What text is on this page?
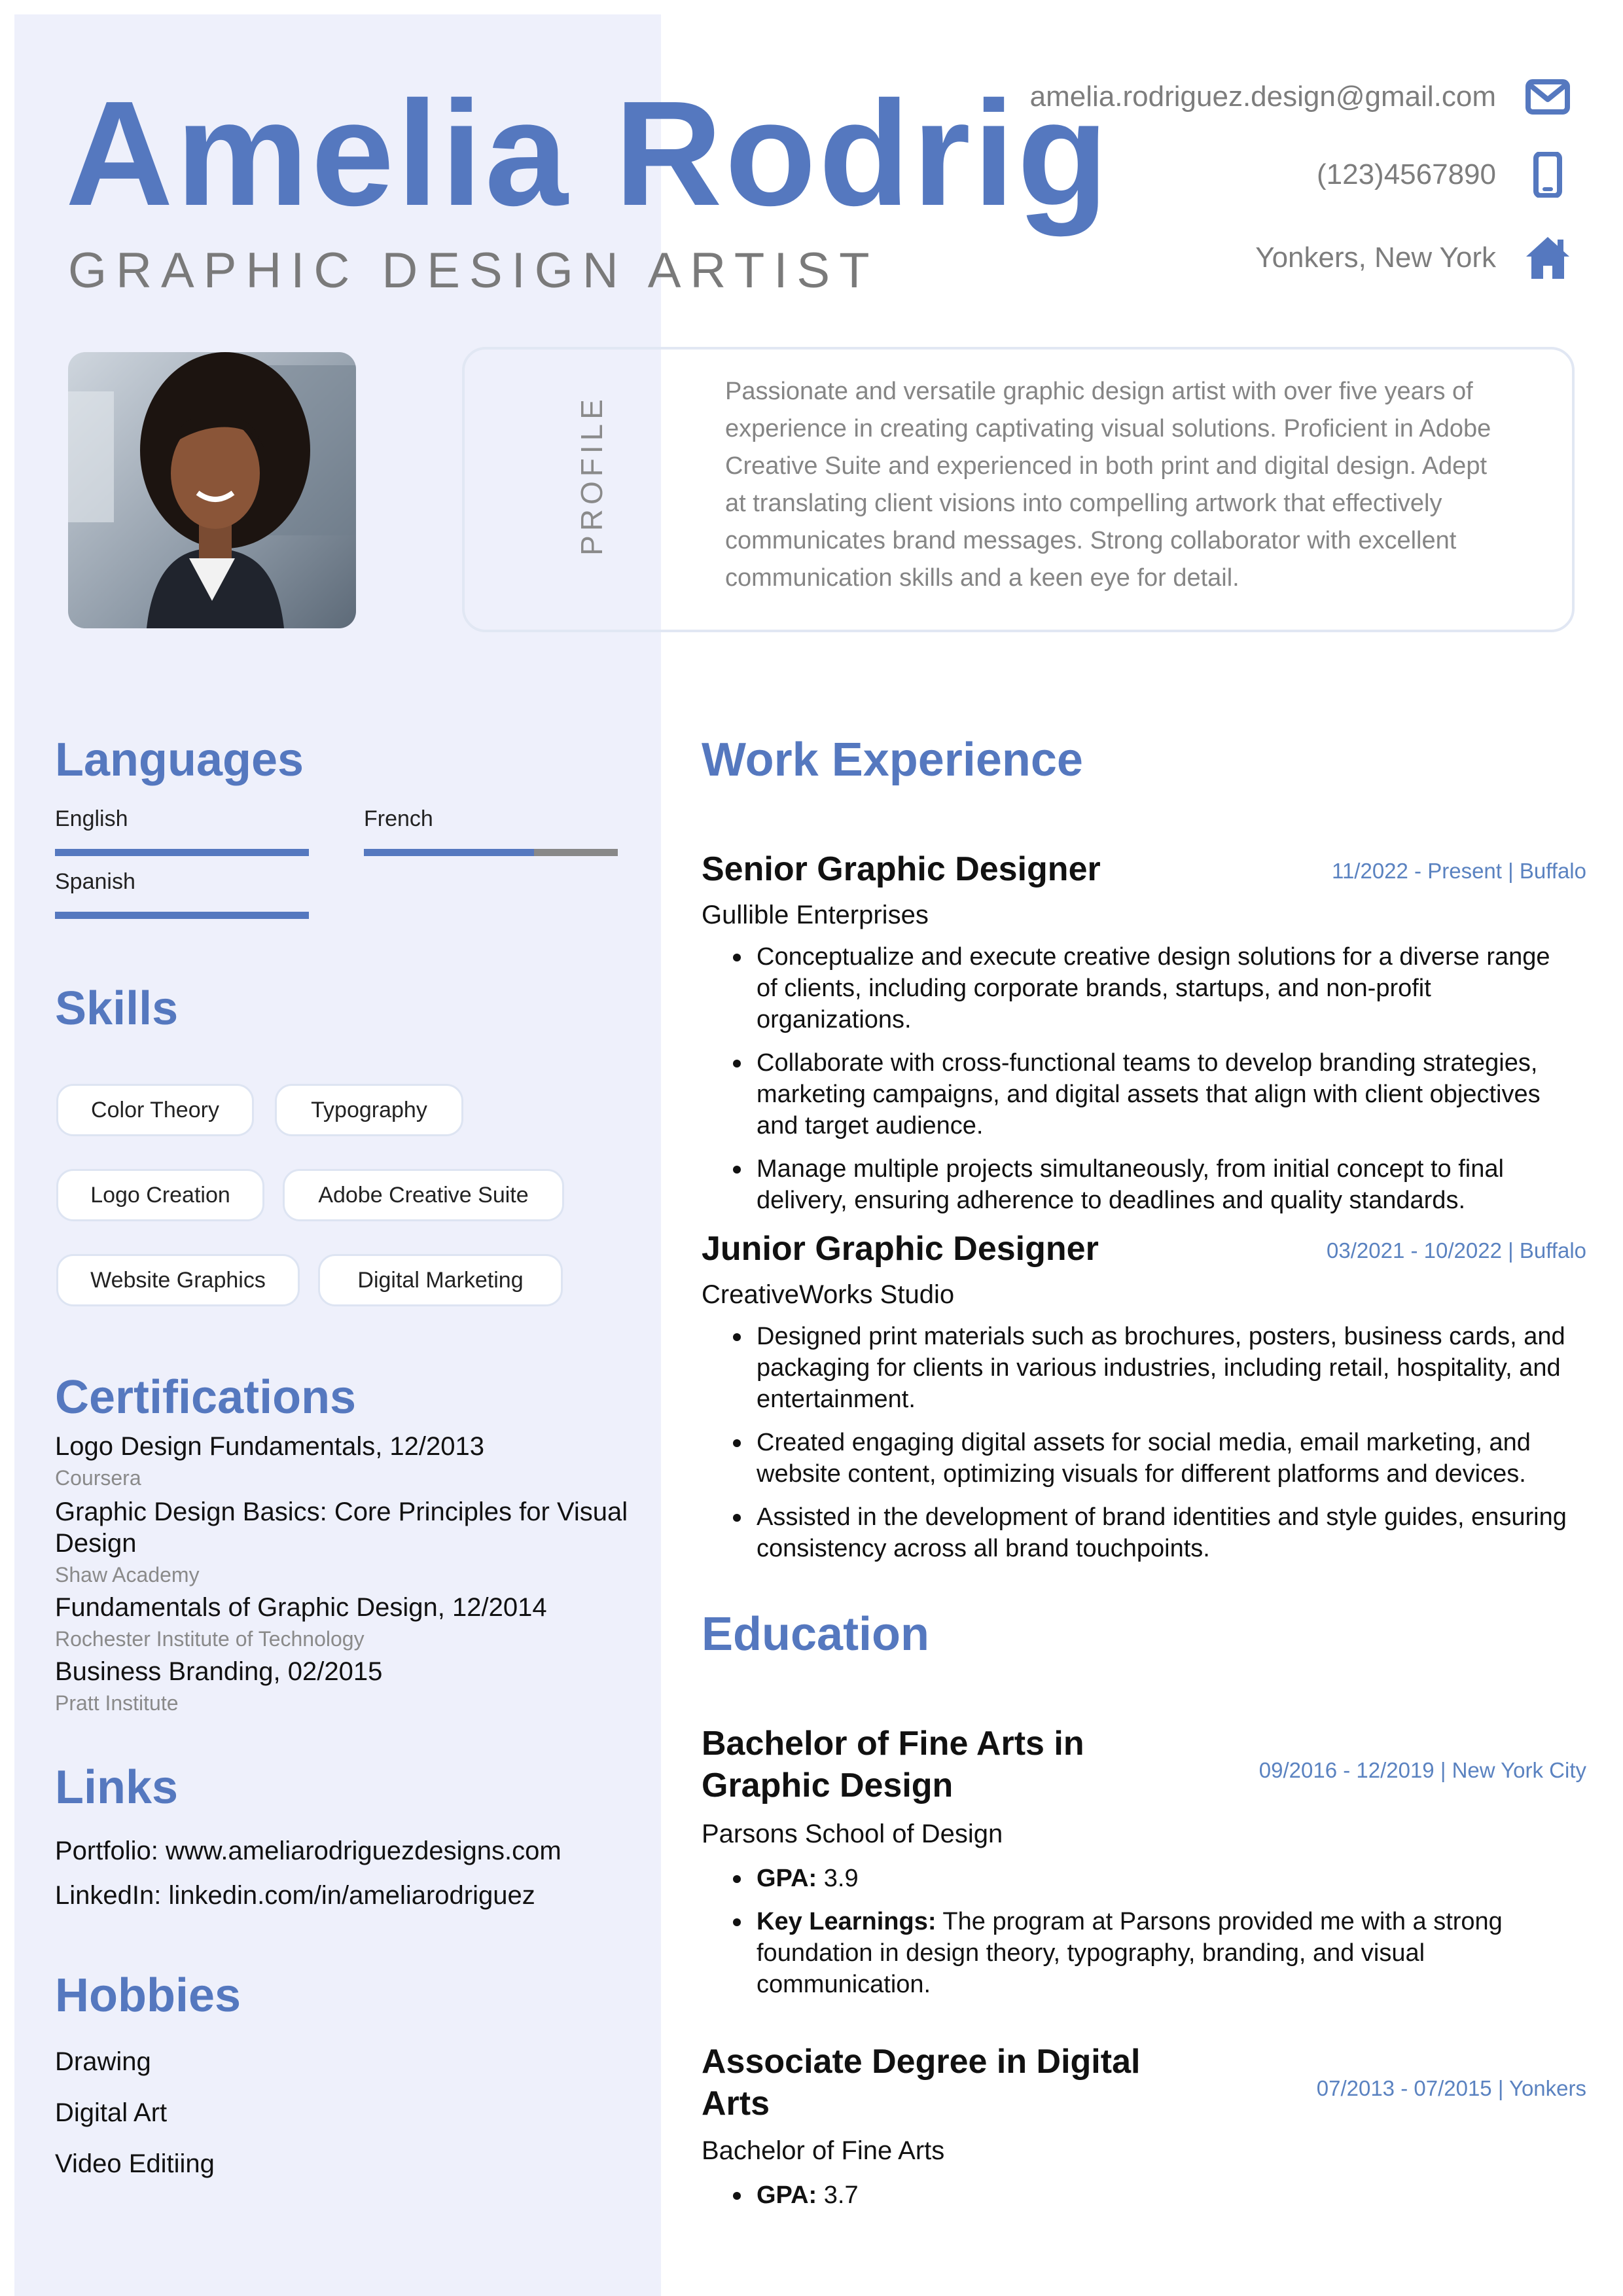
Amelia Rodrig
GRAPHIC DESIGN ARTIST
amelia.rodriguez.design@gmail.com
(123)4567890
Yonkers, New York
PROFILE
Passionate and versatile graphic design artist with over five years of experience in creating captivating visual solutions. Proficient in Adobe Creative Suite and experienced in both print and digital design. Adept at translating client visions into compelling artwork that effectively communicates brand messages. Strong collaborator with excellent communication skills and a keen eye for detail.
Languages
English	French
Spanish
Skills
Color Theory	Typography
Logo Creation	Adobe Creative Suite
Website Graphics	Digital Marketing
Certifications
Logo Design Fundamentals, 12/2013
Coursera
Graphic Design Basics: Core Principles for Visual Design
Shaw Academy
Fundamentals of Graphic Design, 12/2014
Rochester Institute of Technology
Business Branding, 02/2015
Pratt Institute
Links
Portfolio: www.ameliarodriguezdesigns.com
LinkedIn: linkedin.com/in/ameliarodriguez
Hobbies
Drawing
Digital Art
Video Editiing
Work Experience
Senior Graphic Designer	11/2022 - Present | Buffalo
Gullible Enterprises
Conceptualize and execute creative design solutions for a diverse range of clients, including corporate brands, startups, and non-profit organizations.
Collaborate with cross-functional teams to develop branding strategies, marketing campaigns, and digital assets that align with client objectives and target audience.
Manage multiple projects simultaneously, from initial concept to final delivery, ensuring adherence to deadlines and quality standards.
Junior Graphic Designer	03/2021 - 10/2022 | Buffalo
CreativeWorks Studio
Designed print materials such as brochures, posters, business cards, and packaging for clients in various industries, including retail, hospitality, and entertainment.
Created engaging digital assets for social media, email marketing, and website content, optimizing visuals for different platforms and devices.
Assisted in the development of brand identities and style guides, ensuring consistency across all brand touchpoints.
Education
Bachelor of Fine Arts in
Graphic Design	09/2016 - 12/2019 | New York City
Parsons School of Design
GPA: 3.9
Key Learnings: The program at Parsons provided me with a strong foundation in design theory, typography, branding, and visual communication.
Associate Degree in Digital
Arts	07/2013 - 07/2015 | Yonkers
Bachelor of Fine Arts
GPA: 3.7
